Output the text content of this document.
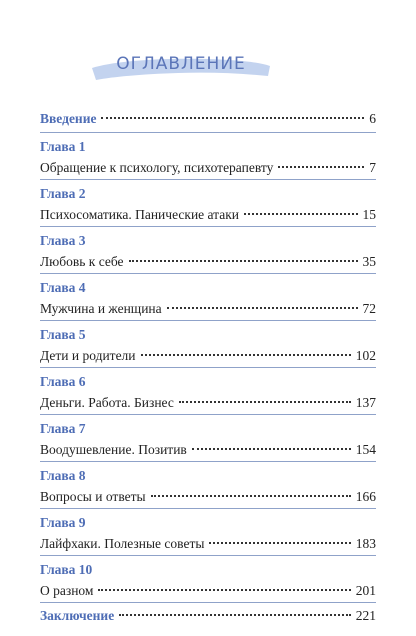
ОГЛАВЛЕНИЕ
Введение	6
Глава 1
Обращение к психологу, психотерапевту	7
Глава 2
Психосоматика. Панические атаки	15
Глава 3
Любовь к себе	35
Глава 4
Мужчина и женщина	72
Глава 5
Дети и родители	102
Глава 6
Деньги. Работа. Бизнес	137
Глава 7
Воодушевление. Позитив	154
Глава 8
Вопросы и ответы	166
Глава 9
Лайфхаки. Полезные советы	183
Глава 10
О разном	201
Заключение	221
